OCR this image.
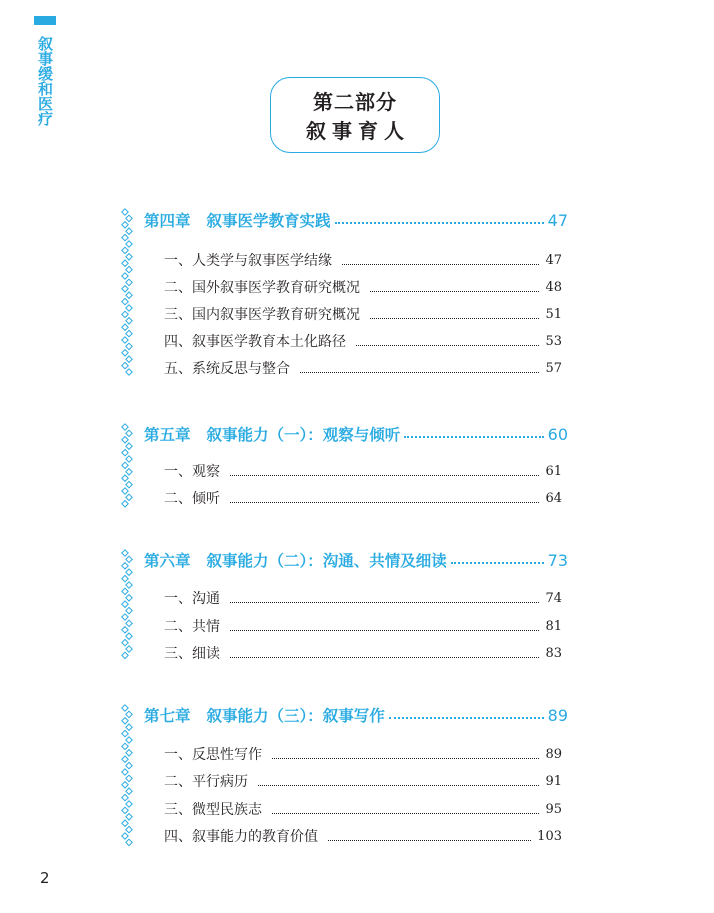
叙事缓和医疗	第二部分
叙事育人
第四章 叙事医学教育实践	47
一、人类学与叙事医学结缘	47
二、国外叙事医学教育研究概况	48
三、国内叙事医学教育研究概况	51
四、叙事医学教育本土化路径	53
五、系统反思与整合	57
第五章 叙事能力（一）：观察与倾听	60
一、观察	61
二、倾听	64
第六章 叙事能力（二）：沟通、共情及细读	73
一、沟通	74
二、共情	81
三、细读	83
第七章 叙事能力（三）：叙事写作	89
一、反思性写作	89
二、平行病历	91
三、微型民族志	95
四、叙事能力的教育价值	103
2
